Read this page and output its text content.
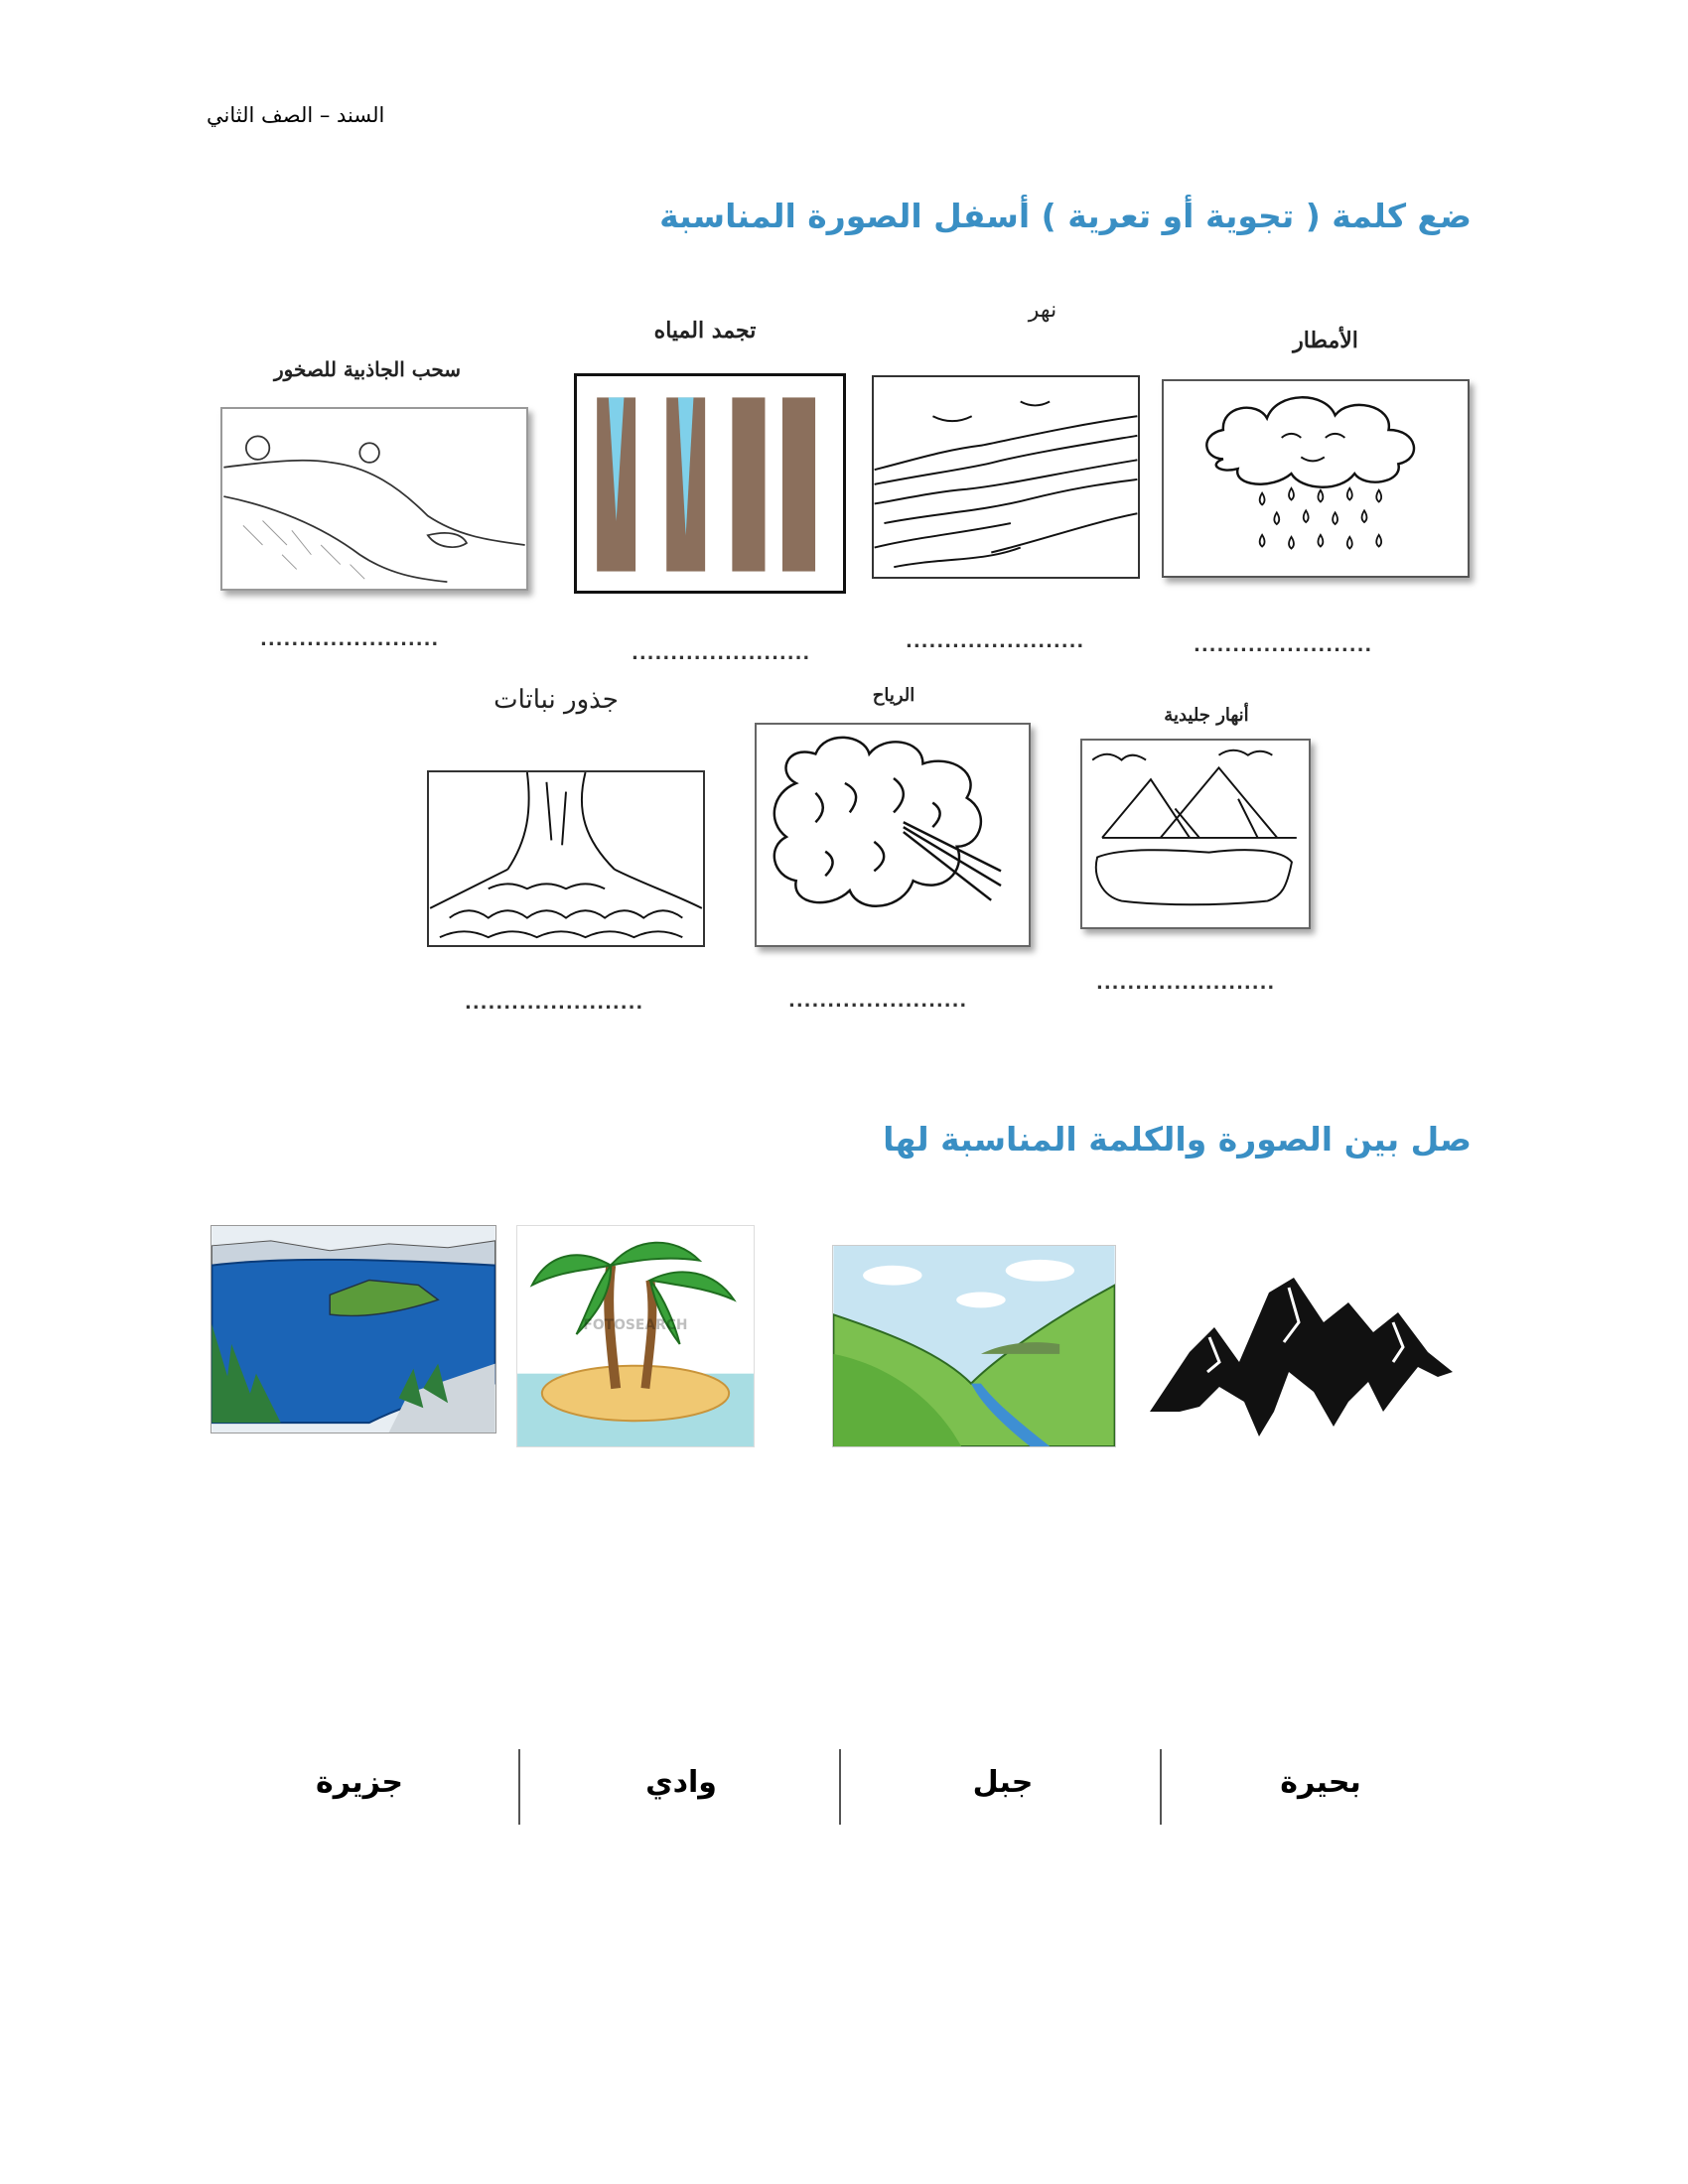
السند – الصف الثاني
ضع كلمة ( تجوية أو تعرية ) أسفل الصورة المناسبة
الأمطار
.......................
نهر
.......................
تجمد المياه
.......................
سحب الجاذبية للصخور
.......................
أنهار جليدية
.......................
الرياح
.......................
جذور نباتات
.......................
صل بين الصورة والكلمة المناسبة لها
FOTOSEARCH
بحيرة
جبل
وادي
جزيرة
